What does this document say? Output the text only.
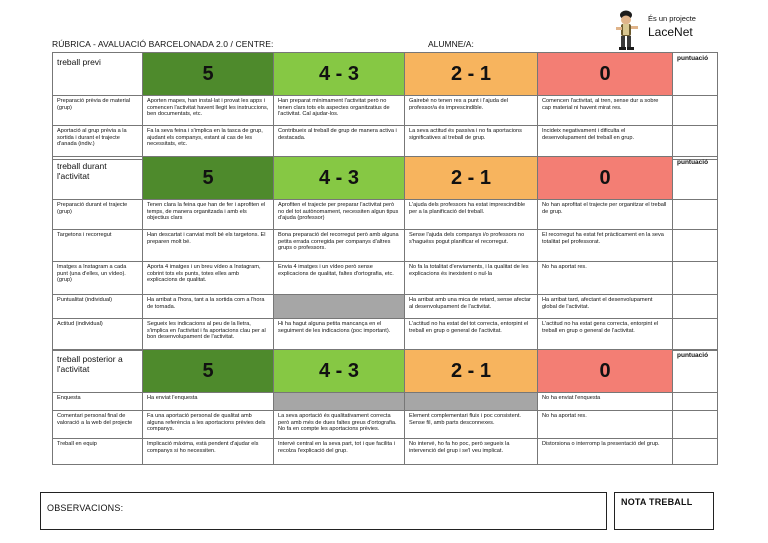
RÚBRICA - AVALUACIÓ BARCELONADA 2.0 / CENTRE:	ALUMNE/A:
És un projecte
LaceNet
treball previ	5	4 - 3	2 - 1	0	puntuació
Preparació prèvia de material (grup)	Aporten mapes, han instal·lat i provat les apps i comencen l'activitat havent llegit les instruccions, ben documentats, etc.	Han preparat mínimament l'activitat però no tenen clars tots els aspectes organitzatius de l'activitat. Cal ajudar-los.	Gairebé no tenen res a punt i l'ajuda del professor/a és imprescindible.	Comencen l'activitat, al tren, sense dur a sobre cap material ni havent mirat res.	
Aportació al grup prèvia a la sortida i durant el trajecte d'anada (indiv.)	Fa la seva feina i s'implica en la tasca de grup, ajudant els companys, estant al cas de les necessitats, etc.	Contribueix al treball de grup de manera activa i destacada.	La seva actitud és passiva i no fa aportacions significatives al treball de grup.	Incideix negativament i dificulta el desenvolupament del treball en grup.	
treball durant l'activitat	5	4 - 3	2 - 1	0	puntuació
Preparació durant el trajecte (grup)	Tenen clara la feina que han de fer i aprofiten el temps, de manera organitzada i amb els objectius clars	Aprofiten el trajecte per preparar l'activitat però no del tot autònomament, necessiten algun tipus d'ajuda (professor)	L'ajuda dels professors ha estat imprescindible per a la planificació del treball.	No han aprofitat el trajecte per organitzar el treball de grup.	
Targetons i recorregut	Han descartat i canviat molt bé els targetons. El preparen molt bé.	Bona preparació del recorregut però amb alguna petita errada corregida per companys d'altres grups o professors.	Sense l'ajuda dels companys i/o professors no s'haguéss pogut planificar el recorregut.	El recorregut ha estat fet pràcticament en la seva totalitat pel professorat.	
Imatges a Instagram a cada punt (una d'elles, un vídeo). (grup)	Aporta 4 imatges i un breu vídeo a Instagram, cobrint tots els punts, totes elles amb explicacions de qualitat.	Envia 4 imatges i un vídeo però sense explicacions de qualitat, faltes d'ortografia, etc.	No fa la totalitat d'enviaments, i la qualitat de les explicacions és inexistent o nul·la	No ha aportat res.	
Puntualitat (individual)	Ha arribat a l'hora, tant a la sortida com a l'hora de tornada.		Ha arribat amb una mica de retard, sense afectar al desenvolupament de l'activitat.	Ha arribat tard, afectant el desenvolupament global de l'activitat.	
Actitud (individual)	Segueix les indicacions al peu de la lletra, s'implica en l'activitat i fa aportacions clau per al bon desenvolupament de l'activitat.	Hi ha hagut alguna petita mancança en el seguiment de les indicacions (poc important).	L'actitud no ha estat del tot correcta, entorpint el treball en grup o general de l'activitat.	L'actitud no ha estat gens correcta, entorpint el treball en grup o general de l'activitat.	
treball posterior a l'activitat	5	4 - 3	2 - 1	0	puntuació
Enquesta	Ha enviat l'enquesta			No ha enviat l'enquesta	
Comentari personal final de valoració a la web del projecte	Fa una aportació personal de qualitat amb alguna referència a les aportacions prèvies dels companys.	La seva aportació és qualitativament correcta però amb més de dues faltes greus d'ortografia. No fa en compte les aportacions prèvies.	Element complementari fluix i poc consistent. Sense fil, amb parts desconnexes.	No ha aportat res.	
Treball en equip	Implicació màxima, està pendent d'ajudar els companys si ho necessiten.	Intervé central en la seva part, tot i que facilita i recolza l'explicació del grup.	No intervé, ho fa ho poc, però segueix la intervenció del grup i se'l veu implicat.	Distorsiona o interromp la presentació del grup.	
OBSERVACIONS:
NOTA TREBALL
